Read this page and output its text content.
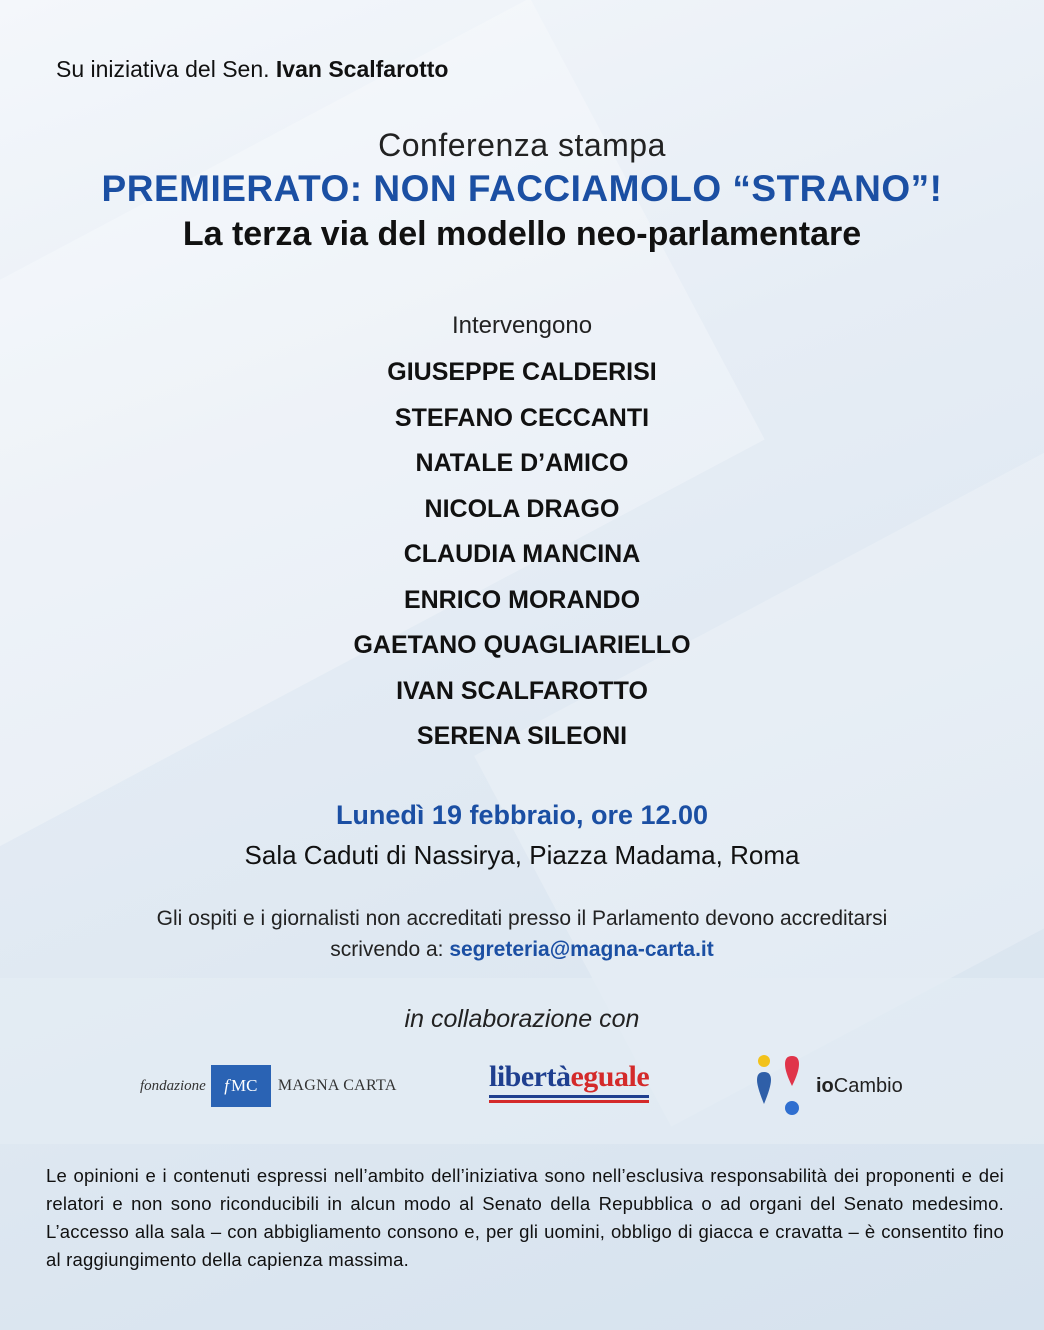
Su iniziativa del Sen. Ivan Scalfarotto
Conferenza stampa
PREMIERATO: NON FACCIAMOLO “STRANO”!
La terza via del modello neo-parlamentare
Intervengono
GIUSEPPE CALDERISI
STEFANO CECCANTI
NATALE D’AMICO
NICOLA DRAGO
CLAUDIA MANCINA
ENRICO MORANDO
GAETANO QUAGLIARIELLO
IVAN SCALFAROTTO
SERENA SILEONI
Lunedì 19 febbraio, ore 12.00
Sala Caduti di Nassirya, Piazza Madama, Roma
Gli ospiti e i giornalisti non accreditati presso il Parlamento devono accreditarsi
scrivendo a: segreteria@magna-carta.it
in collaborazione con
fondazione f MC MAGNA CARTA	libertàeguale	ioCambio

Le opinioni e i contenuti espressi nell’ambito dell’iniziativa sono nell’esclusiva responsabilità dei proponenti e dei relatori e non sono riconducibili in alcun modo al Senato della Repubblica o ad organi del Senato medesimo. L’accesso alla sala – con abbigliamento consono e, per gli uomini, obbligo di giacca e cravatta – è consentito fino al raggiungimento della capienza massima.
